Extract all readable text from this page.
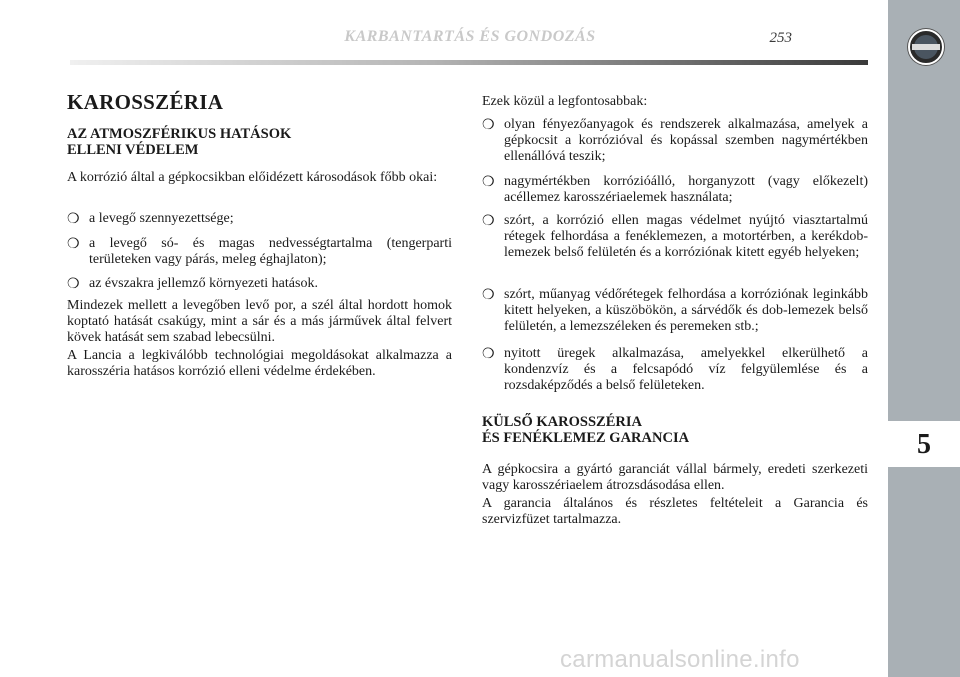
KARBANTARTÁS ÉS GONDOZÁS	253
KAROSSZÉRIA
AZ ATMOSZFÉRIKUS HATÁSOK
ELLENI VÉDELEM

A korrózió által a gépkocsikban előidézett károsodások főbb okai:

❍ a levegő szennyezettsége;

❍ a levegő só- és magas nedvességtartalma (tengerparti területeken vagy párás, meleg éghajlaton);

❍ az évszakra jellemző környezeti hatások.

Mindezek mellett a levegőben levő por, a szél által hordott homok koptató hatását csakúgy, mint a sár és a más járművek által felvert kövek hatását sem szabad lebecsülni.

A Lancia a legkiválóbb technológiai megoldásokat alkalmazza a karosszéria hatásos korrózió elleni védelme érdekében.

Ezek közül a legfontosabbak:

❍ olyan fényezőanyagok és rendszerek alkalmazása, amelyek a gépkocsit a korrózióval és kopással szemben nagymértékben ellenállóvá teszik;

❍ nagymértékben korrózióálló, horganyzott (vagy előkezelt) acéllemez karosszériaelemek használata;

❍ szórt, a korrózió ellen magas védelmet nyújtó viasztartalmú rétegek felhordása a fenéklemezen, a motortérben, a kerékdob-lemezek belső felületén és a korróziónak kitett egyéb helyeken;

❍ szórt, műanyag védőrétegek felhordása a korróziónak leginkább kitett helyeken, a küszöbökön, a sárvédők és dob-lemezek belső felületén, a lemezszéleken és peremeken stb.;

❍ nyitott üregek alkalmazása, amelyekkel elkerülhető a kondenzvíz és a felcsapódó víz felgyülemlése és a rozsdaképződés a belső felületeken.

KÜLSŐ KAROSSZÉRIA
ÉS FENÉKLEMEZ GARANCIA

A gépkocsira a gyártó garanciát vállal bármely, eredeti szerkezeti vagy karosszériaelem átrozsdásodása ellen.

A garancia általános és részletes feltételeit a Garancia és szervizfüzet tartalmazza.

5
carmanualsonline.info
